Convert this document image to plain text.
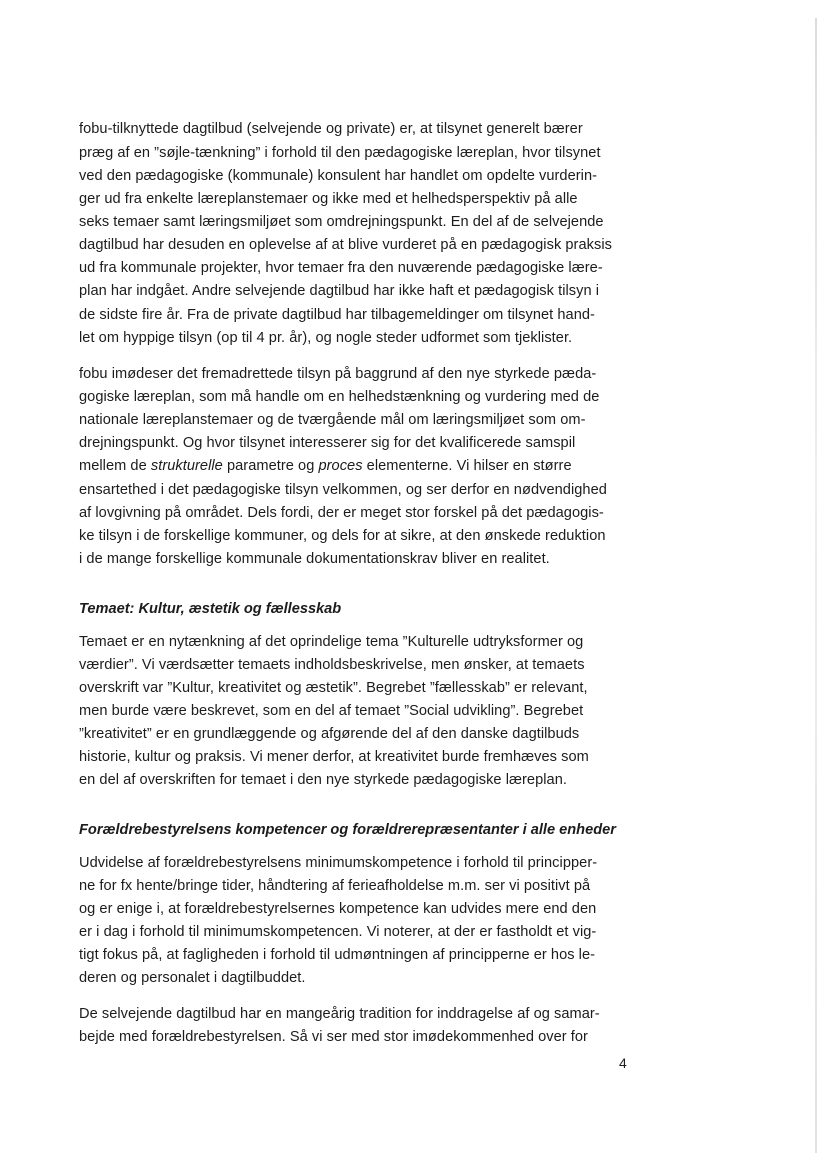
fobu-tilknyttede dagtilbud (selvejende og private) er, at tilsynet generelt bærer
præg af en ”søjle-tænkning” i forhold til den pædagogiske læreplan, hvor tilsynet
ved den pædagogiske (kommunale) konsulent har handlet om opdelte vurderin-
ger ud fra enkelte læreplanstemaer og ikke med et helhedsperspektiv på alle
seks temaer samt læringsmiljøet som omdrejningspunkt. En del af de selvejende
dagtilbud har desuden en oplevelse af at blive vurderet på en pædagogisk praksis
ud fra kommunale projekter, hvor temaer fra den nuværende pædagogiske lære-
plan har indgået. Andre selvejende dagtilbud har ikke haft et pædagogisk tilsyn i
de sidste fire år. Fra de private dagtilbud har tilbagemeldinger om tilsynet hand-
let om hyppige tilsyn (op til 4 pr. år), og nogle steder udformet som tjeklister.
fobu imødeser det fremadrettede tilsyn på baggrund af den nye styrkede pæda-
gogiske læreplan, som må handle om en helhedstænkning og vurdering med de
nationale læreplanstemaer og de tværgående mål om læringsmiljøet som om-
drejningspunkt. Og hvor tilsynet interesserer sig for det kvalificerede samspil
mellem de strukturelle parametre og proces elementerne. Vi hilser en større
ensartethed i det pædagogiske tilsyn velkommen, og ser derfor en nødvendighed
af lovgivning på området. Dels fordi, der er meget stor forskel på det pædagogis-
ke tilsyn i de forskellige kommuner, og dels for at sikre, at den ønskede reduktion
i de mange forskellige kommunale dokumentationskrav bliver en realitet.
Temaet: Kultur, æstetik og fællesskab
Temaet er en nytænkning af det oprindelige tema ”Kulturelle udtryksformer og
værdier”. Vi værdsætter temaets indholdsbeskrivelse, men ønsker, at temaets
overskrift var ”Kultur, kreativitet og æstetik”. Begrebet ”fællesskab” er relevant,
men burde være beskrevet, som en del af temaet ”Social udvikling”. Begrebet
”kreativitet” er en grundlæggende og afgørende del af den danske dagtilbuds
historie, kultur og praksis. Vi mener derfor, at kreativitet burde fremhæves som
en del af overskriften for temaet i den nye styrkede pædagogiske læreplan.
Forældrebestyrelsens kompetencer og forældrerepræsentanter i alle enheder
Udvidelse af forældrebestyrelsens minimumskompetence i forhold til principper-
ne for fx hente/bringe tider, håndtering af ferieafholdelse m.m. ser vi positivt på
og er enige i, at forældrebestyrelsernes kompetence kan udvides mere end den
er i dag i forhold til minimumskompetencen. Vi noterer, at der er fastholdt et vig-
tigt fokus på, at fagligheden i forhold til udmøntningen af principperne er hos le-
deren og personalet i dagtilbuddet.
De selvejende dagtilbud har en mangeårig tradition for inddragelse af og samar-
bejde med forældrebestyrelsen. Så vi ser med stor imødekommenhed over for
4
